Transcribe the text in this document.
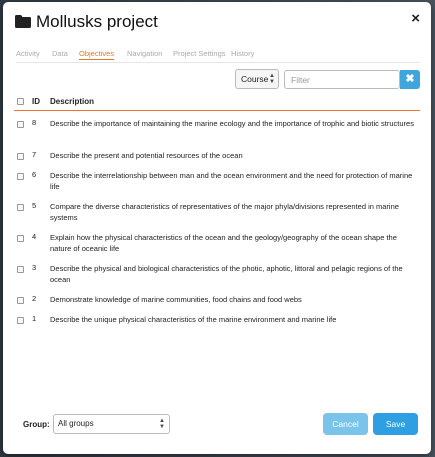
Mollusks project	×
Activity Data Objectives Navigation Project Settings History
Course ▲
▼
Filter	✖
ID Description
8 Describe the importance of maintaining the marine ecology and the importance of trophic and biotic structures
7 Describe the present and potential resources of the ocean
6 Describe the interrelationship between man and the ocean environment and the need for protection of marine life
5 Compare the diverse characteristics of representatives of the major phyla/divisions represented in marine systems
4 Explain how the physical characteristics of the ocean and the geology/geography of the ocean shape the nature of oceanic life
3 Describe the physical and biological characteristics of the photic, aphotic, littoral and pelagic regions of the ocean
2 Demonstrate knowledge of marine communities, food chains and food webs
1 Describe the unique physical characteristics of the marine environment and marine life
Group:	All groups	▲
▼	Cancel	Save
